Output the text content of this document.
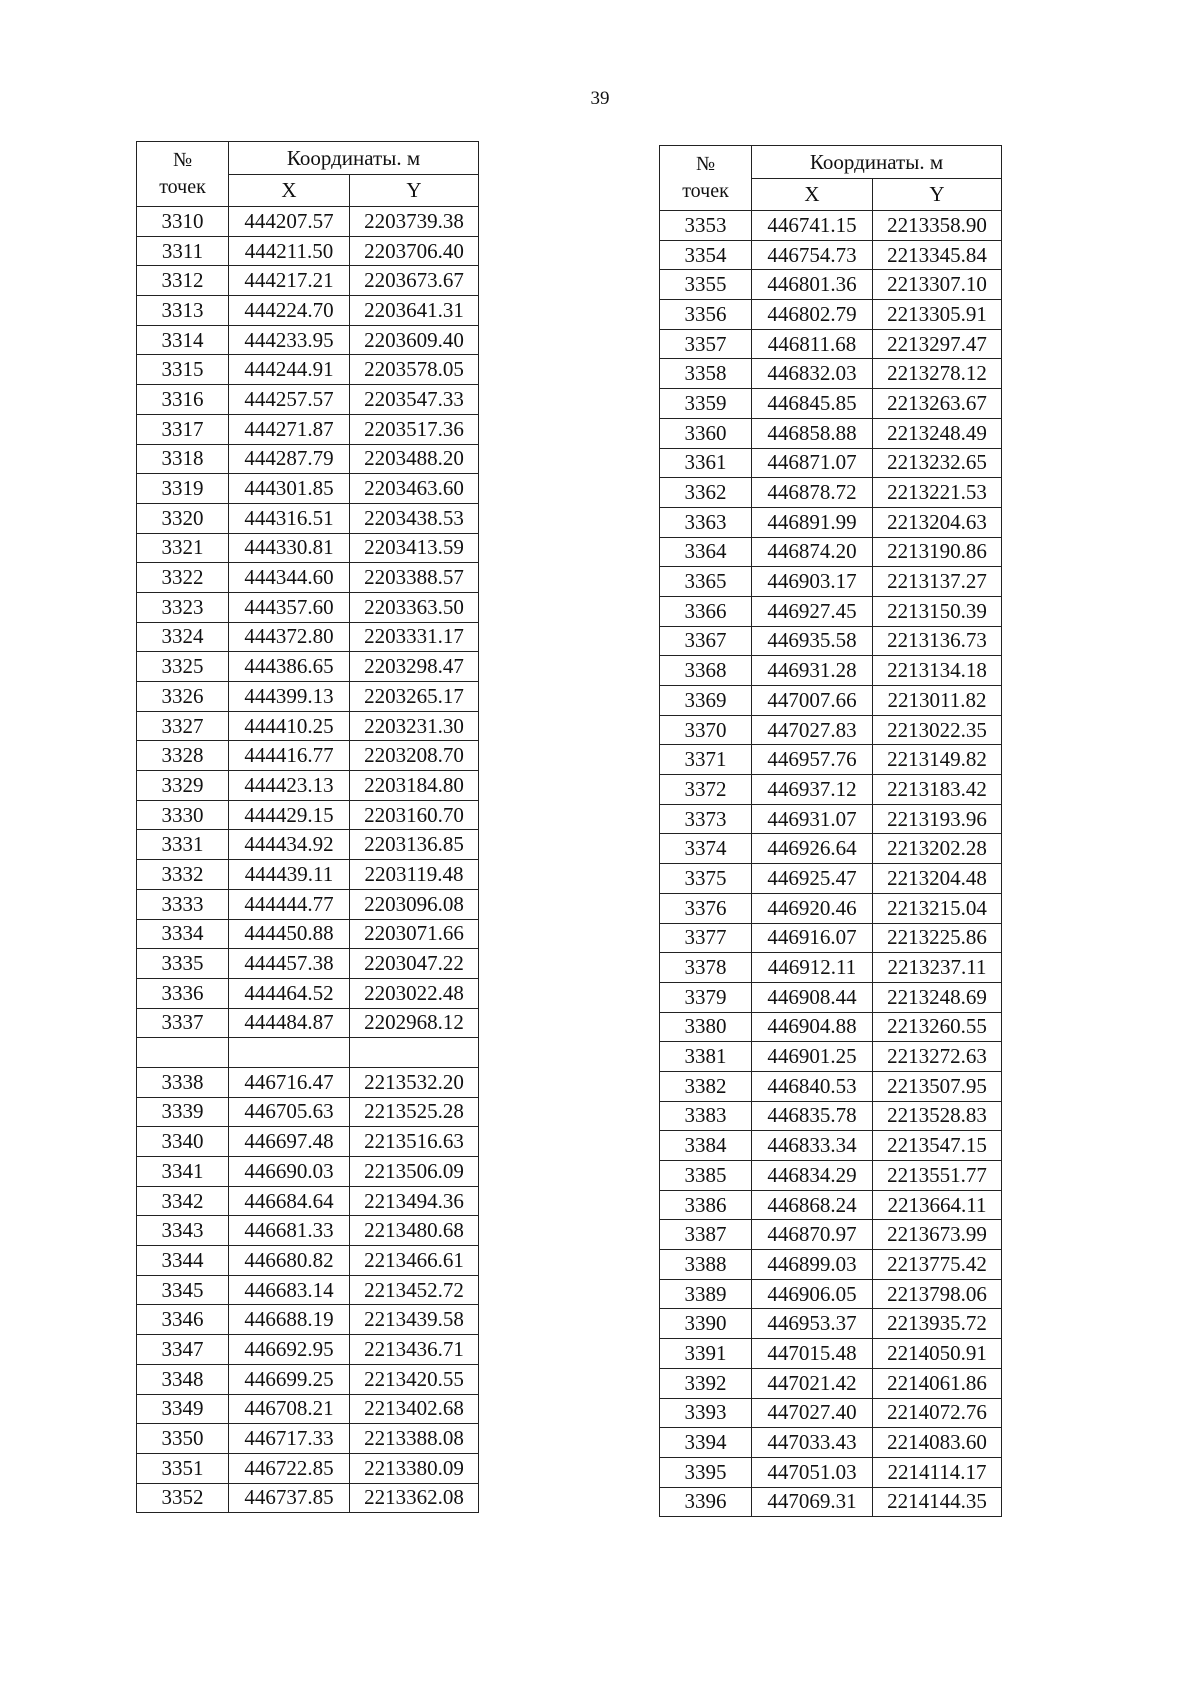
39
№
точек	Координаты. м	
	X	Y
3310	444207.57	2203739.38
3311	444211.50	2203706.40
3312	444217.21	2203673.67
3313	444224.70	2203641.31
3314	444233.95	2203609.40
3315	444244.91	2203578.05
3316	444257.57	2203547.33
3317	444271.87	2203517.36
3318	444287.79	2203488.20
3319	444301.85	2203463.60
3320	444316.51	2203438.53
3321	444330.81	2203413.59
3322	444344.60	2203388.57
3323	444357.60	2203363.50
3324	444372.80	2203331.17
3325	444386.65	2203298.47
3326	444399.13	2203265.17
3327	444410.25	2203231.30
3328	444416.77	2203208.70
3329	444423.13	2203184.80
3330	444429.15	2203160.70
3331	444434.92	2203136.85
3332	444439.11	2203119.48
3333	444444.77	2203096.08
3334	444450.88	2203071.66
3335	444457.38	2203047.22
3336	444464.52	2203022.48
3337	444484.87	2202968.12

3338	446716.47	2213532.20
3339	446705.63	2213525.28
3340	446697.48	2213516.63
3341	446690.03	2213506.09
3342	446684.64	2213494.36
3343	446681.33	2213480.68
3344	446680.82	2213466.61
3345	446683.14	2213452.72
3346	446688.19	2213439.58
3347	446692.95	2213436.71
3348	446699.25	2213420.55
3349	446708.21	2213402.68
3350	446717.33	2213388.08
3351	446722.85	2213380.09
3352	446737.85	2213362.08
№
точек	Координаты. м	
	X	Y
3353	446741.15	2213358.90
3354	446754.73	2213345.84
3355	446801.36	2213307.10
3356	446802.79	2213305.91
3357	446811.68	2213297.47
3358	446832.03	2213278.12
3359	446845.85	2213263.67
3360	446858.88	2213248.49
3361	446871.07	2213232.65
3362	446878.72	2213221.53
3363	446891.99	2213204.63
3364	446874.20	2213190.86
3365	446903.17	2213137.27
3366	446927.45	2213150.39
3367	446935.58	2213136.73
3368	446931.28	2213134.18
3369	447007.66	2213011.82
3370	447027.83	2213022.35
3371	446957.76	2213149.82
3372	446937.12	2213183.42
3373	446931.07	2213193.96
3374	446926.64	2213202.28
3375	446925.47	2213204.48
3376	446920.46	2213215.04
3377	446916.07	2213225.86
3378	446912.11	2213237.11
3379	446908.44	2213248.69
3380	446904.88	2213260.55
3381	446901.25	2213272.63
3382	446840.53	2213507.95
3383	446835.78	2213528.83
3384	446833.34	2213547.15
3385	446834.29	2213551.77
3386	446868.24	2213664.11
3387	446870.97	2213673.99
3388	446899.03	2213775.42
3389	446906.05	2213798.06
3390	446953.37	2213935.72
3391	447015.48	2214050.91
3392	447021.42	2214061.86
3393	447027.40	2214072.76
3394	447033.43	2214083.60
3395	447051.03	2214114.17
3396	447069.31	2214144.35
